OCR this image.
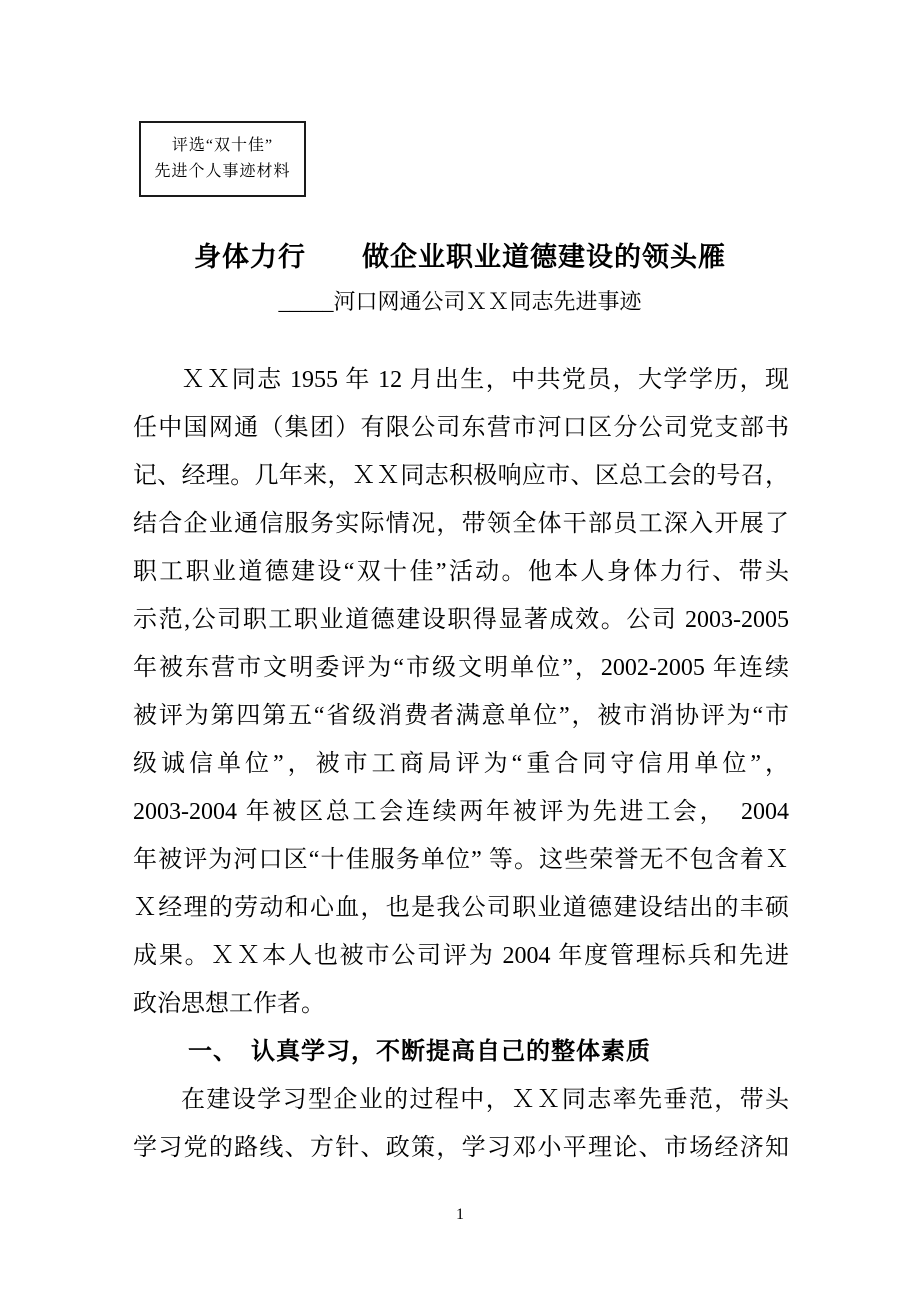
评选“双十佳”
先进个人事迹材料
身体力行　　做企业职业道德建设的领头雁
_____河口网通公司ＸＸ同志先进事迹
ＸＸ同志 1955 年 12 月出生，中共党员，大学学历，现
任中国网通（集团）有限公司东营市河口区分公司党支部书
记、经理。几年来，ＸＸ同志积极响应市、区总工会的号召，
结合企业通信服务实际情况，带领全体干部员工深入开展了
职工职业道德建设“双十佳”活动。他本人身体力行、带头
示范,公司职工职业道德建设职得显著成效。公司 2003-2005
年被东营市文明委评为“市级文明单位”，2002-2005 年连续
被评为第四第五“省级消费者满意单位”，被市消协评为“市
级诚信单位”，被市工商局评为“重合同守信用单位”，
2003-2004 年被区总工会连续两年被评为先进工会，　2004
年被评为河口区“十佳服务单位” 等。这些荣誉无不包含着Ｘ
Ｘ经理的劳动和心血，也是我公司职业道德建设结出的丰硕
成果。ＸＸ本人也被市公司评为 2004 年度管理标兵和先进
政治思想工作者。
一、　认真学习，不断提高自己的整体素质
在建设学习型企业的过程中，ＸＸ同志率先垂范，带头
学习党的路线、方针、政策，学习邓小平理论、市场经济知
1
